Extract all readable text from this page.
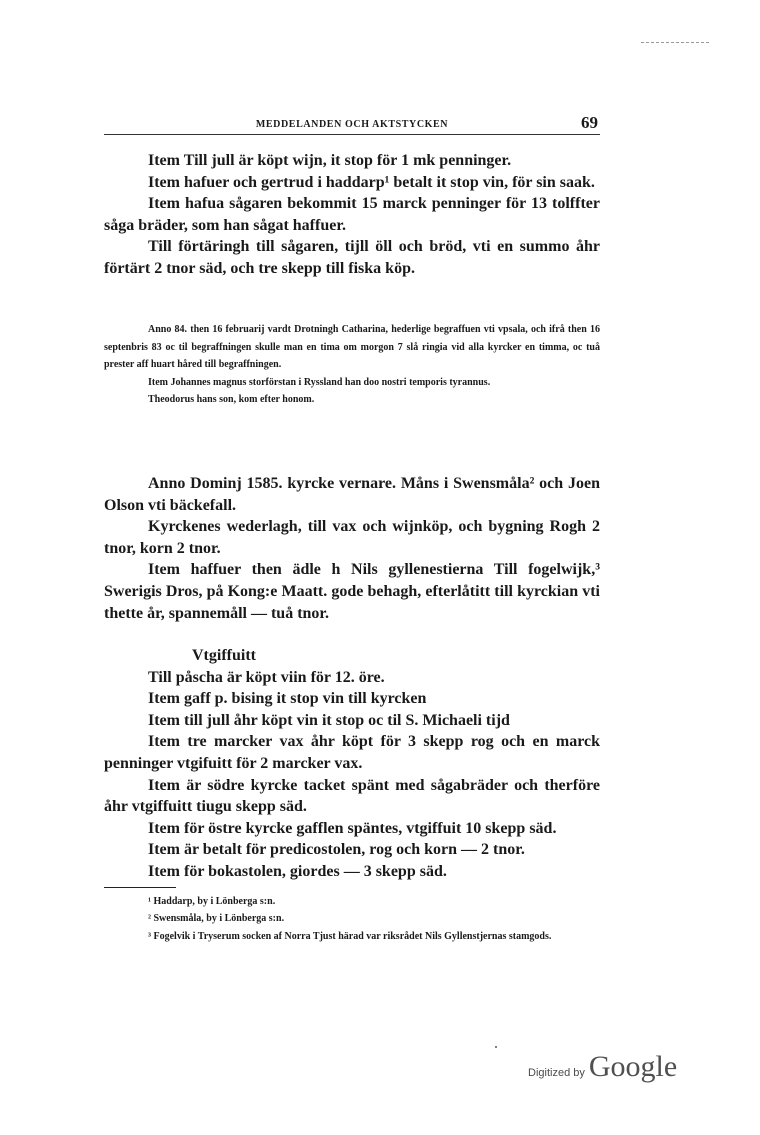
MEDDELANDEN OCH AKTSTYCKEN	69

Item Till jull är köpt wijn, it stop för 1 mk penninger.

Item hafuer och gertrud i haddarp¹ betalt it stop vin, för sin saak.

Item hafua sågaren bekommit 15 marck penninger för 13 tolffter såga bräder, som han sågat haffuer.

Till förtäringh till sågaren, tijll öll och bröd, vti en summo åhr förtärt 2 tnor säd, och tre skepp till fiska köp.

Anno 84. then 16 februarij vardt Drotningh Catharina, hederlige begraffuen vti vpsala, och ifrå then 16 septenbris 83 oc til begraffningen skulle man en tima om morgon 7 slå ringia vid alla kyrcker en timma, oc tuå prester aff huart håred till begraffningen.

Item Johannes magnus storförstan i Ryssland han doo nostri temporis tyrannus.

Theodorus hans son, kom efter honom.

Anno Dominj 1585. kyrcke vernare. Måns i Swensmåla² och Joen Olson vti bäckefall.

Kyrckenes wederlagh, till vax och wijnköp, och bygning Rogh 2 tnor, korn 2 tnor.

Item haffuer then ädle h Nils gyllenestierna Till fogelwijk,³ Swerigis Dros, på Kong:e Maatt. gode behagh, efterlåtitt till kyrckian vti thette år, spannemåll — tuå tnor.

Vtgiffuitt

Till påscha är köpt viin för 12. öre.

Item gaff p. bising it stop vin till kyrcken

Item till jull åhr köpt vin it stop oc til S. Michaeli tijd

Item tre marcker vax åhr köpt för 3 skepp rog och en marck penninger vtgifuitt för 2 marcker vax.

Item är södre kyrcke tacket spänt med sågabräder och therföre åhr vtgiffuitt tiugu skepp säd.

Item för östre kyrcke gafflen späntes, vtgiffuit 10 skepp säd.

Item är betalt för predicostolen, rog och korn — 2 tnor.

Item för bokastolen, giordes — 3 skepp säd.

¹ Haddarp, by i Lönberga s:n.

² Swensmåla, by i Lönberga s:n.

³ Fogelvik i Tryserum socken af Norra Tjust härad var riksrådet Nils Gyllenstjernas stamgods.

Digitized by Google
